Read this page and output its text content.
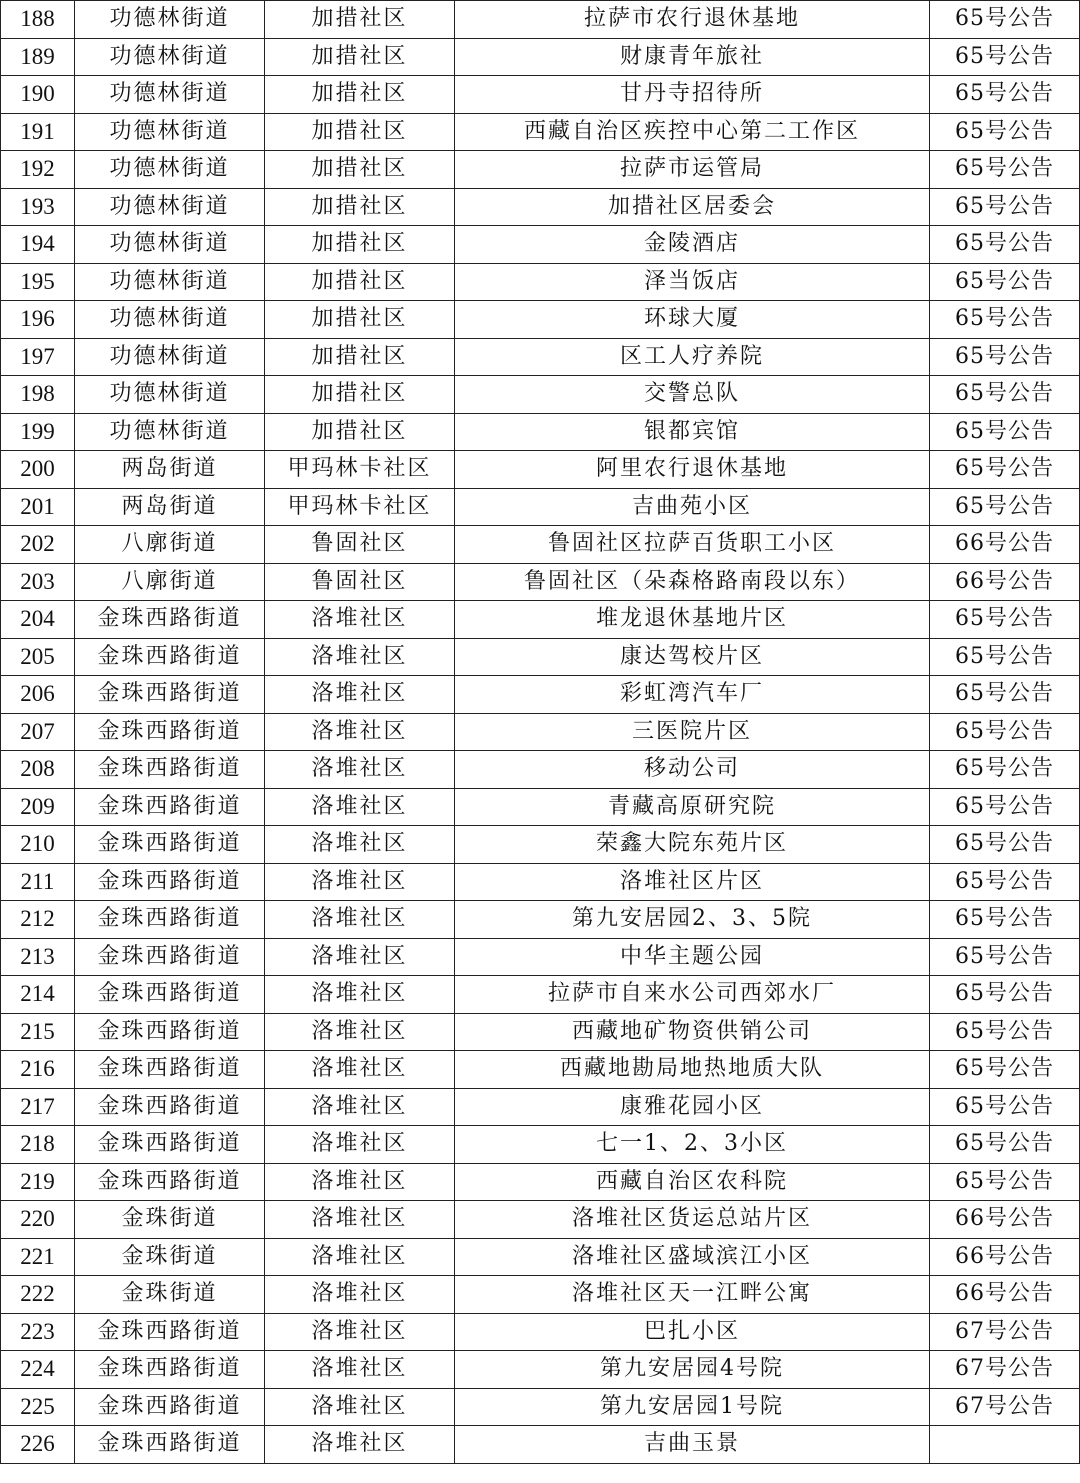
188	功德林街道	加措社区	拉萨市农行退休基地	65号公告
189	功德林街道	加措社区	财康青年旅社	65号公告
190	功德林街道	加措社区	甘丹寺招待所	65号公告
191	功德林街道	加措社区	西藏自治区疾控中心第二工作区	65号公告
192	功德林街道	加措社区	拉萨市运管局	65号公告
193	功德林街道	加措社区	加措社区居委会	65号公告
194	功德林街道	加措社区	金陵酒店	65号公告
195	功德林街道	加措社区	泽当饭店	65号公告
196	功德林街道	加措社区	环球大厦	65号公告
197	功德林街道	加措社区	区工人疗养院	65号公告
198	功德林街道	加措社区	交警总队	65号公告
199	功德林街道	加措社区	银都宾馆	65号公告
200	两岛街道	甲玛林卡社区	阿里农行退休基地	65号公告
201	两岛街道	甲玛林卡社区	吉曲苑小区	65号公告
202	八廓街道	鲁固社区	鲁固社区拉萨百货职工小区	66号公告
203	八廓街道	鲁固社区	鲁固社区（朵森格路南段以东）	66号公告
204	金珠西路街道	洛堆社区	堆龙退休基地片区	65号公告
205	金珠西路街道	洛堆社区	康达驾校片区	65号公告
206	金珠西路街道	洛堆社区	彩虹湾汽车厂	65号公告
207	金珠西路街道	洛堆社区	三医院片区	65号公告
208	金珠西路街道	洛堆社区	移动公司	65号公告
209	金珠西路街道	洛堆社区	青藏高原研究院	65号公告
210	金珠西路街道	洛堆社区	荣鑫大院东苑片区	65号公告
211	金珠西路街道	洛堆社区	洛堆社区片区	65号公告
212	金珠西路街道	洛堆社区	第九安居园2、3、5院	65号公告
213	金珠西路街道	洛堆社区	中华主题公园	65号公告
214	金珠西路街道	洛堆社区	拉萨市自来水公司西郊水厂	65号公告
215	金珠西路街道	洛堆社区	西藏地矿物资供销公司	65号公告
216	金珠西路街道	洛堆社区	西藏地勘局地热地质大队	65号公告
217	金珠西路街道	洛堆社区	康雅花园小区	65号公告
218	金珠西路街道	洛堆社区	七一1、2、3小区	65号公告
219	金珠西路街道	洛堆社区	西藏自治区农科院	65号公告
220	金珠街道	洛堆社区	洛堆社区货运总站片区	66号公告
221	金珠街道	洛堆社区	洛堆社区盛域滨江小区	66号公告
222	金珠街道	洛堆社区	洛堆社区天一江畔公寓	66号公告
223	金珠西路街道	洛堆社区	巴扎小区	67号公告
224	金珠西路街道	洛堆社区	第九安居园4号院	67号公告
225	金珠西路街道	洛堆社区	第九安居园1号院	67号公告
226	金珠西路街道	洛堆社区	吉曲玉景	
